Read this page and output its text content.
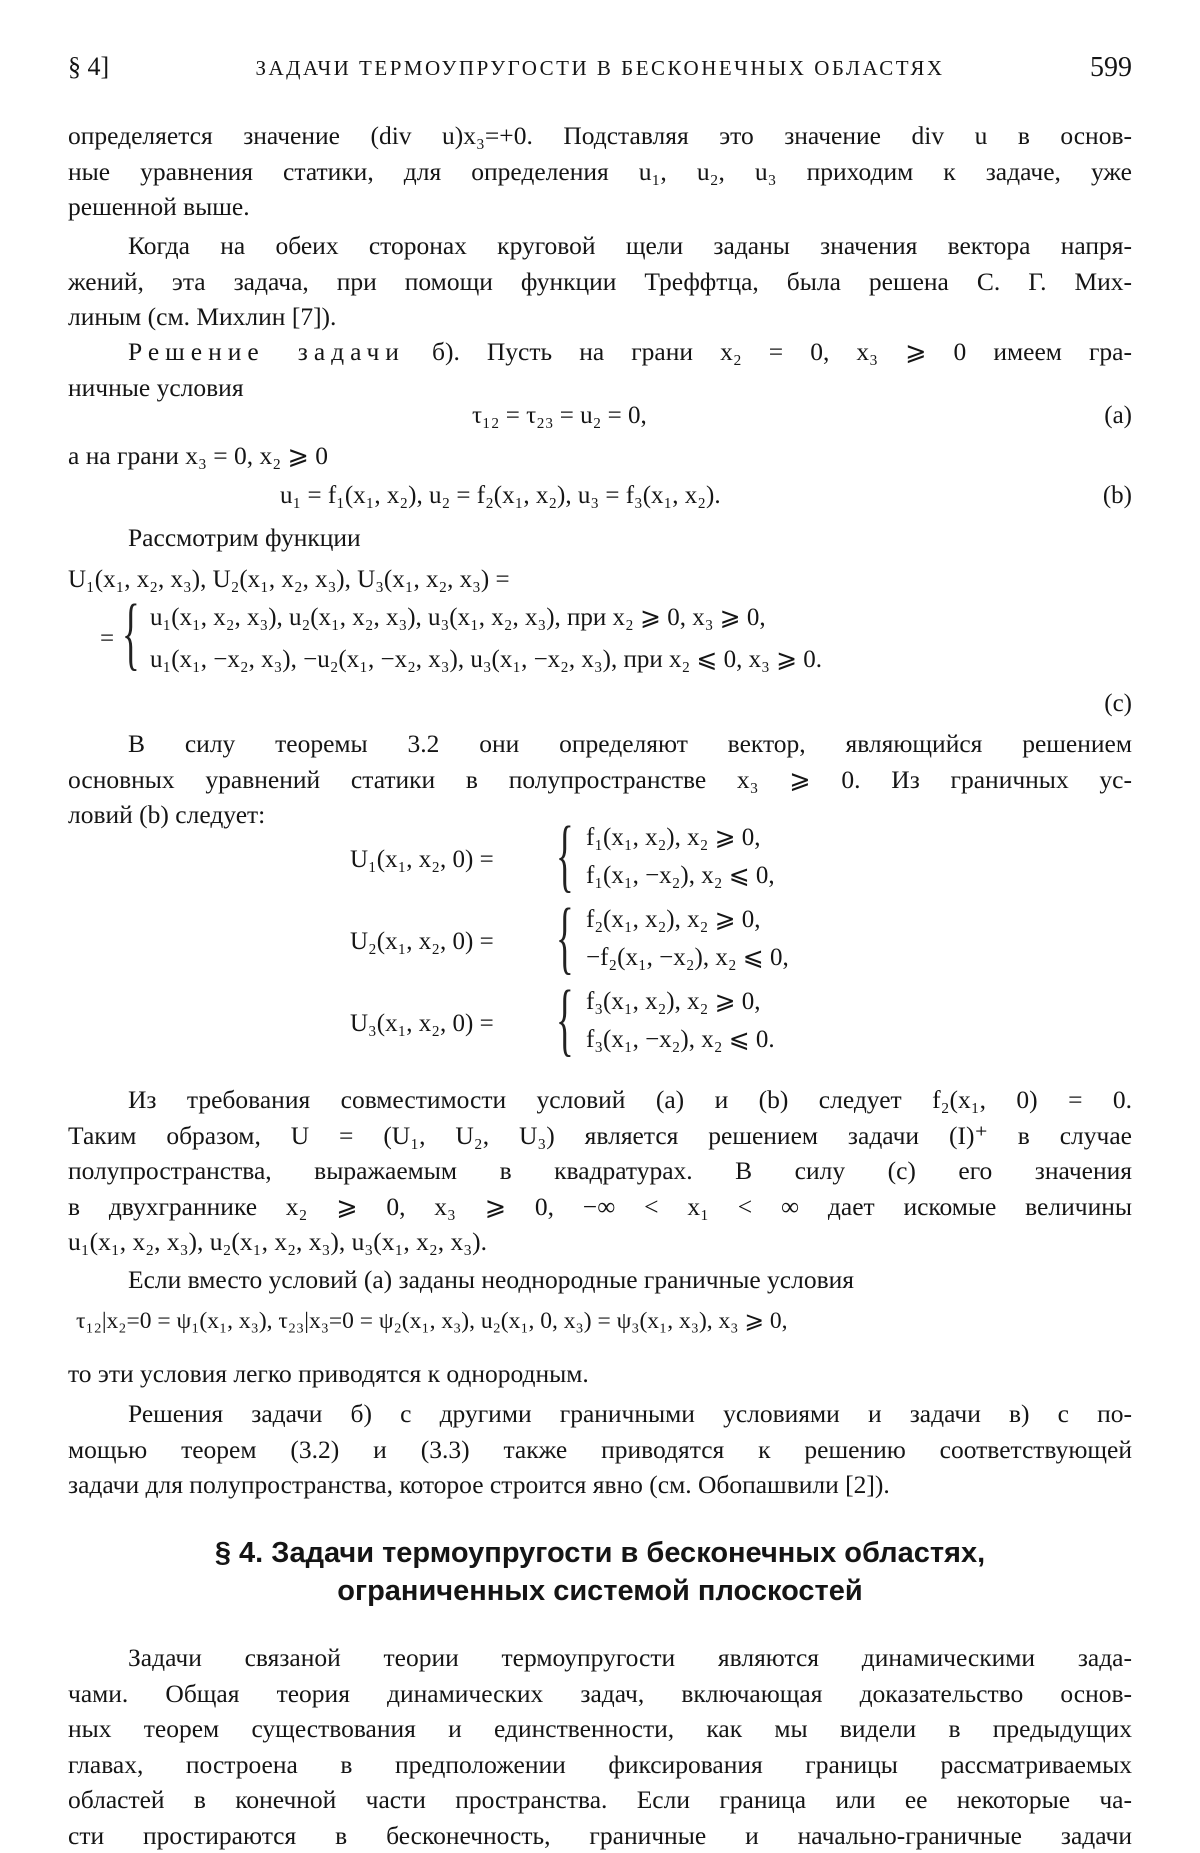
§ 4]	ЗАДАЧИ ТЕРМОУПРУГОСТИ В БЕСКОНЕЧНЫХ ОБЛАСТЯХ	599
определяется значение (div u)x₃=+0. Подставляя это значение div u в основ-
ные уравнения статики, для определения u₁, u₂, u₃ приходим к задаче, уже
решенной выше.
Когда на обеих сторонах круговой щели заданы значения вектора напря-
жений, эта задача, при помощи функции Треффтца, была решена С. Г. Мих-
линым (см. Михлин [7]).
Решение задачи б). Пусть на грани x₂ = 0, x₃ ⩾ 0 имеем гра-
ничные условия
τ₁₂ = τ₂₃ = u₂ = 0,	(a)
а на грани x₃ = 0, x₂ ⩾ 0
u₁ = f₁(x₁, x₂), u₂ = f₂(x₁, x₂), u₃ = f₃(x₁, x₂).	(b)
Рассмотрим функции
U₁(x₁, x₂, x₃), U₂(x₁, x₂, x₃), U₃(x₁, x₂, x₃) =
= { u₁(x₁, x₂, x₃), u₂(x₁, x₂, x₃), u₃(x₁, x₂, x₃), при x₂ ⩾ 0, x₃ ⩾ 0,
u₁(x₁, −x₂, x₃), −u₂(x₁, −x₂, x₃), u₃(x₁, −x₂, x₃), при x₂ ⩽ 0, x₃ ⩾ 0.
(c)
В силу теоремы 3.2 они определяют вектор, являющийся решением
основных уравнений статики в полупространстве x₃ ⩾ 0. Из граничных ус-
ловий (b) следует:
U₁(x₁, x₂, 0) = { f₁(x₁, x₂), x₂ ⩾ 0,
f₁(x₁, −x₂), x₂ ⩽ 0,
U₂(x₁, x₂, 0) = { f₂(x₁, x₂), x₂ ⩾ 0,
−f₂(x₁, −x₂), x₂ ⩽ 0,
U₃(x₁, x₂, 0) = { f₃(x₁, x₂), x₂ ⩾ 0,
f₃(x₁, −x₂), x₂ ⩽ 0.
Из требования совместимости условий (a) и (b) следует f₂(x₁, 0) = 0.
Таким образом, U = (U₁, U₂, U₃) является решением задачи (I)⁺ в случае
полупространства, выражаемым в квадратурах. В силу (c) его значения
в двухграннике x₂ ⩾ 0, x₃ ⩾ 0, −∞ < x₁ < ∞ дает искомые величины
u₁(x₁, x₂, x₃), u₂(x₁, x₂, x₃), u₃(x₁, x₂, x₃).
Если вместо условий (a) заданы неоднородные граничные условия
τ₁₂|x₂=0 = ψ₁(x₁, x₃), τ₂₃|x₃=0 = ψ₂(x₁, x₃), u₂(x₁, 0, x₃) = ψ₃(x₁, x₃), x₃ ⩾ 0,
то эти условия легко приводятся к однородным.
Решения задачи б) с другими граничными условиями и задачи в) с по-
мощью теорем (3.2) и (3.3) также приводятся к решению соответствующей
задачи для полупространства, которое строится явно (см. Обопашвили [2]).
§ 4. Задачи термоупругости в бесконечных областях,
ограниченных системой плоскостей
Задачи связаной теории термоупругости являются динамическими зада-
чами. Общая теория динамических задач, включающая доказательство основ-
ных теорем существования и единственности, как мы видели в предыдущих
главах, построена в предположении фиксирования границы рассматриваемых
областей в конечной части пространства. Если граница или ее некоторые ча-
сти простираются в бесконечность, граничные и начально-граничные задачи
